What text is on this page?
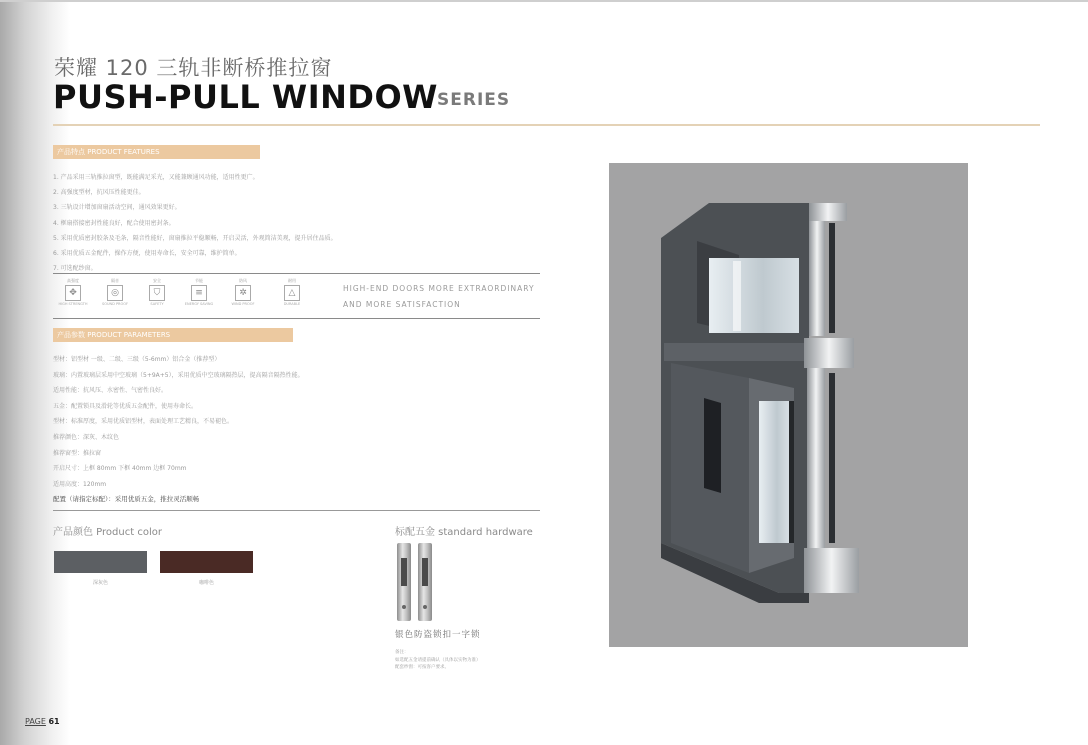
荣耀 120 三轨非断桥推拉窗
PUSH-PULL WINDOW SERIES
产品特点 PRODUCT FEATURES
1. 产品采用三轨推拉窗型，既能满足采光，又能兼顾通风功能，适用性更广。
2. 高强度型材，抗风压性能更佳。
3. 三轨设计增加窗扇活动空间，通风效果更好。
4. 框扇搭接密封性能良好，配合使用密封条。
5. 采用优质密封胶条及毛条，隔音性能好，窗扇推拉平稳顺畅，开启灵活，外观简洁美观，提升居住品质。
6. 采用优质五金配件，操作方便，使用寿命长，安全可靠，维护简单。
7. 可选配纱窗。
高强度
✥
HIGH STRENGTH
隔音
◎
SOUND PROOF
安全
⛉
SAFETY
节能
≡
ENERGY SAVING
防风
✲
WIND PROOF
耐用
△
DURABLE
HIGH-END DOORS MORE EXTRAORDINARY
AND MORE SATISFACTION
产品参数 PRODUCT PARAMETERS
型材：铝型材 一级、二级、三级（5-6mm）铝合金（推荐型）
玻璃：内置玻璃层采用中空玻璃（5+9A+5），采用优质中空玻璃隔热层，提高隔音隔热性能。
适用性能：抗风压、水密性、气密性良好。
五金：配置锁具及滑轮等优质五金配件，使用寿命长。
型材：标准厚度，采用优质铝型材，表面处理工艺精良，不易褪色。
推荐颜色：深灰、木纹色
推荐窗型：推拉窗
开启尺寸：上框 80mm 下框 40mm 边框 70mm
适用高度：120mm
配置（请指定标配）：采用优质五金，推拉灵活顺畅
产品颜色 Product color
深灰色	咖啡色
标配五金 standard hardware
银色防盗锁扣一字锁
备注：
如选配五金请提前确认（具体以实物为准）
配套纱窗：可按客户要求。
PAGE 61
